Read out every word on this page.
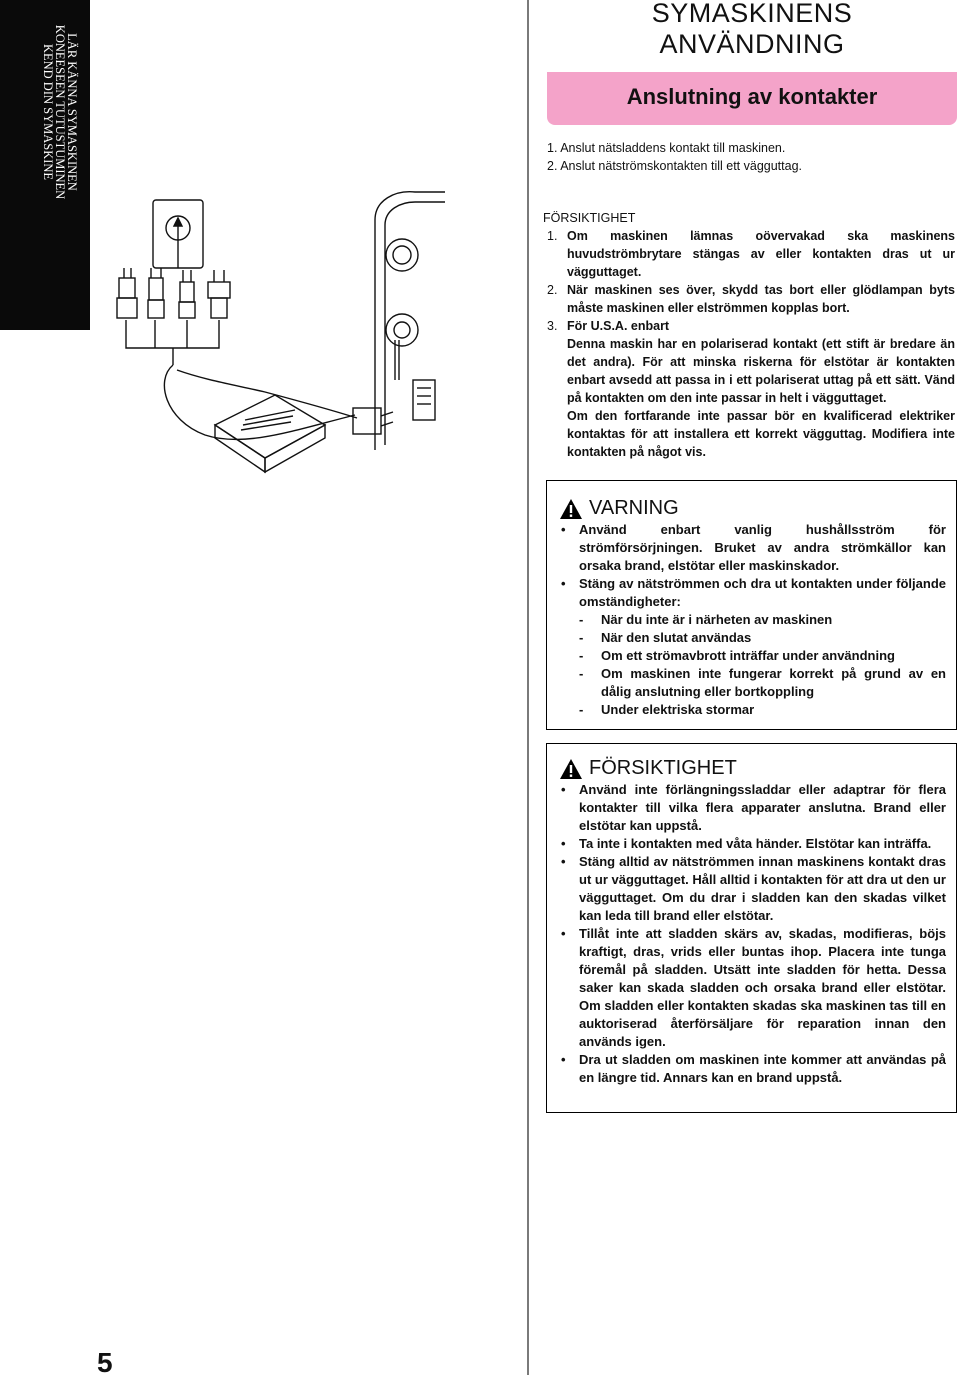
LÄR KÄNNA SYMASKINEN
KONEESEEN TUTUSTUMINEN
KEND DIN SYMASKINE
SYMASKINENS
ANVÄNDNING
Anslutning av kontakter
1. Anslut nätsladdens kontakt till maskinen.
2. Anslut nätströmskontakten till ett vägguttag.
FÖRSIKTIGHET
1. Om maskinen lämnas oövervakad ska maskinens huvudströmbrytare stängas av eller kontakten dras ut ur vägguttaget.

2. När maskinen ses över, skydd tas bort eller glödlampan byts måste maskinen eller elströmmen kopplas bort.

3. För U.S.A. enbart

Denna maskin har en polariserad kontakt (ett stift är bredare än det andra). För att minska riskerna för elstötar är kontakten enbart avsedd att passa in i ett polariserat uttag på ett sätt. Vänd på kontakten om den inte passar in helt i vägguttaget.

Om den fortfarande inte passar bör en kvalificerad elektriker kontaktas för att installera ett korrekt vägguttag. Modifiera inte kontakten på något vis.

VARNING
• Använd enbart vanlig hushållsström för strömförsörjningen. Bruket av andra strömkällor kan orsaka brand, elstötar eller maskinskador.
• Stäng av nätströmmen och dra ut kontakten under följande omständigheter:
- När du inte är i närheten av maskinen
- När den slutat användas
- Om ett strömavbrott inträffar under användning
- Om maskinen inte fungerar korrekt på grund av en dålig anslutning eller bortkoppling
- Under elektriska stormar
FÖRSIKTIGHET
• Använd inte förlängningssladdar eller adaptrar för flera kontakter till vilka flera apparater anslutna. Brand eller elstötar kan uppstå.
• Ta inte i kontakten med våta händer. Elstötar kan inträffa.
• Stäng alltid av nätströmmen innan maskinens kontakt dras ut ur vägguttaget. Håll alltid i kontakten för att dra ut den ur vägguttaget. Om du drar i sladden kan den skadas vilket kan leda till brand eller elstötar.
• Tillåt inte att sladden skärs av, skadas, modifieras, böjs kraftigt, dras, vrids eller buntas ihop. Placera inte tunga föremål på sladden. Utsätt inte sladden för hetta. Dessa saker kan skada sladden och orsaka brand eller elstötar. Om sladden eller kontakten skadas ska maskinen tas till en auktoriserad återförsäljare för reparation innan den används igen.
• Dra ut sladden om maskinen inte kommer att användas på en längre tid. Annars kan en brand uppstå.
5
